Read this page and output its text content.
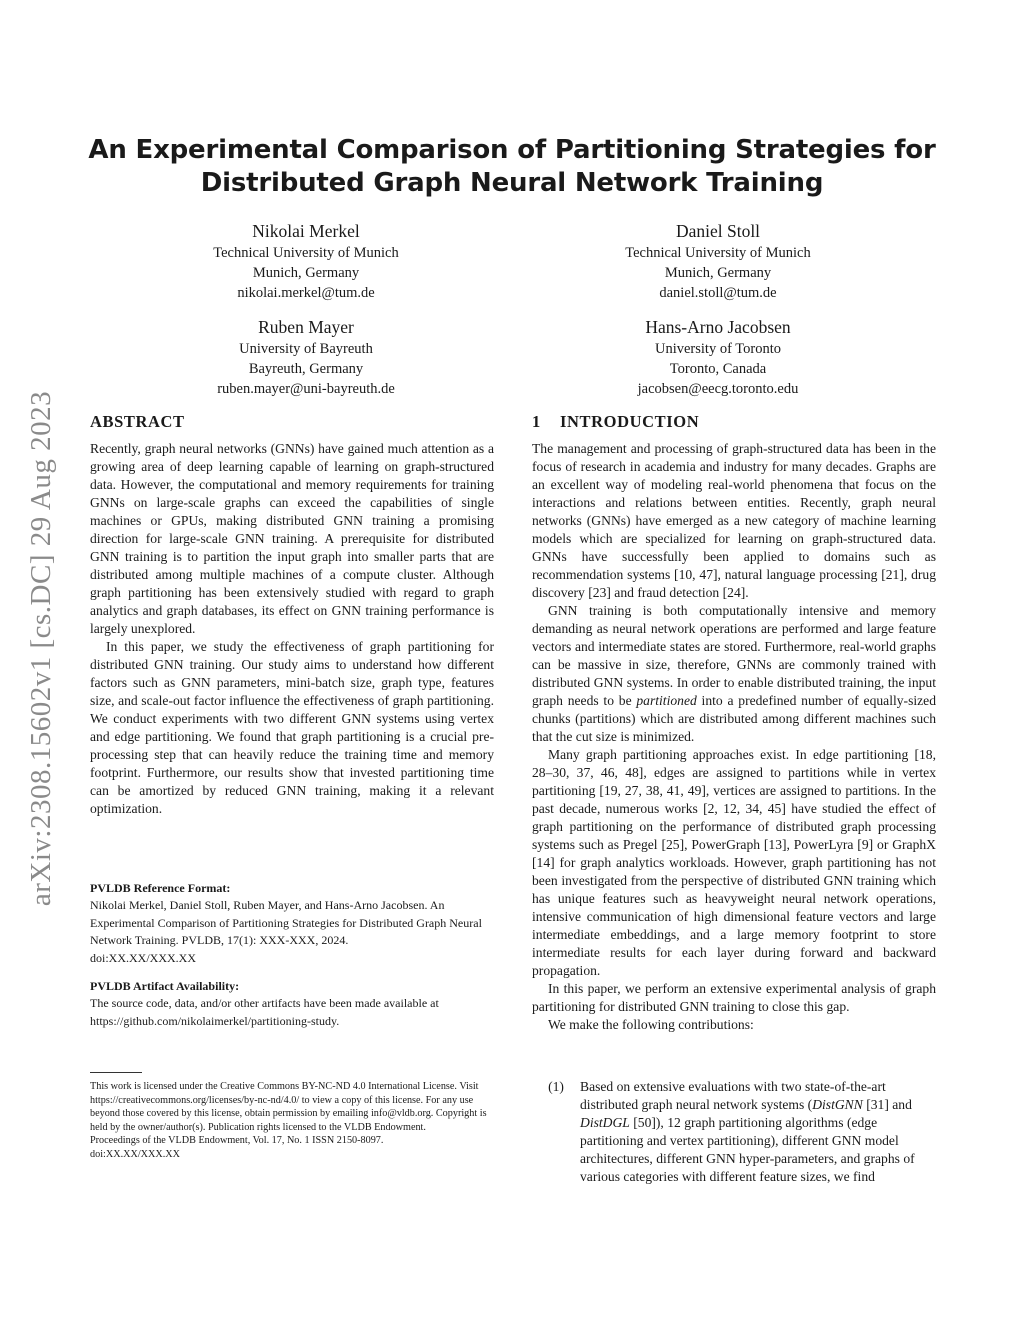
arXiv:2308.15602v1 [cs.DC] 29 Aug 2023
An Experimental Comparison of Partitioning Strategies for
Distributed Graph Neural Network Training
Nikolai Merkel
Technical University of Munich
Munich, Germany
nikolai.merkel@tum.de
Daniel Stoll
Technical University of Munich
Munich, Germany
daniel.stoll@tum.de
Ruben Mayer
University of Bayreuth
Bayreuth, Germany
ruben.mayer@uni-bayreuth.de
Hans-Arno Jacobsen
University of Toronto
Toronto, Canada
jacobsen@eecg.toronto.edu
ABSTRACT

Recently, graph neural networks (GNNs) have gained much attention as a growing area of deep learning capable of learning on graph-structured data. However, the computational and memory requirements for training GNNs on large-scale graphs can exceed the capabilities of single machines or GPUs, making distributed GNN training a promising direction for large-scale GNN training. A prerequisite for distributed GNN training is to partition the input graph into smaller parts that are distributed among multiple machines of a compute cluster. Although graph partitioning has been extensively studied with regard to graph analytics and graph databases, its effect on GNN training performance is largely unexplored.

In this paper, we study the effectiveness of graph partitioning for distributed GNN training. Our study aims to understand how different factors such as GNN parameters, mini-batch size, graph type, features size, and scale-out factor influence the effectiveness of graph partitioning. We conduct experiments with two different GNN systems using vertex and edge partitioning. We found that graph partitioning is a crucial pre-processing step that can heavily reduce the training time and memory footprint. Furthermore, our results show that invested partitioning time can be amortized by reduced GNN training, making it a relevant optimization.

PVLDB Reference Format:
Nikolai Merkel, Daniel Stoll, Ruben Mayer, and Hans-Arno Jacobsen. An Experimental Comparison of Partitioning Strategies for Distributed Graph Neural Network Training. PVLDB, 17(1): XXX-XXX, 2024.
doi:XX.XX/XXX.XX
PVLDB Artifact Availability:
The source code, data, and/or other artifacts have been made available at https://github.com/nikolaimerkel/partitioning-study.
This work is licensed under the Creative Commons BY-NC-ND 4.0 International License. Visit https://creativecommons.org/licenses/by-nc-nd/4.0/ to view a copy of this license. For any use beyond those covered by this license, obtain permission by emailing info@vldb.org. Copyright is held by the owner/author(s). Publication rights licensed to the VLDB Endowment.
Proceedings of the VLDB Endowment, Vol. 17, No. 1 ISSN 2150-8097.
doi:XX.XX/XXX.XX
1 INTRODUCTION

The management and processing of graph-structured data has been in the focus of research in academia and industry for many decades. Graphs are an excellent way of modeling real-world phenomena that focus on the interactions and relations between entities. Recently, graph neural networks (GNNs) have emerged as a new category of machine learning models which are specialized for learning on graph-structured data. GNNs have successfully been applied to domains such as recommendation systems [10, 47], natural language processing [21], drug discovery [23] and fraud detection [24].

GNN training is both computationally intensive and memory demanding as neural network operations are performed and large feature vectors and intermediate states are stored. Furthermore, real-world graphs can be massive in size, therefore, GNNs are commonly trained with distributed GNN systems. In order to enable distributed training, the input graph needs to be partitioned into a predefined number of equally-sized chunks (partitions) which are distributed among different machines such that the cut size is minimized.

Many graph partitioning approaches exist. In edge partitioning [18, 28–30, 37, 46, 48], edges are assigned to partitions while in vertex partitioning [19, 27, 38, 41, 49], vertices are assigned to partitions. In the past decade, numerous works [2, 12, 34, 45] have studied the effect of graph partitioning on the performance of distributed graph processing systems such as Pregel [25], PowerGraph [13], PowerLyra [9] or GraphX [14] for graph analytics workloads. However, graph partitioning has not been investigated from the perspective of distributed GNN training which has unique features such as heavyweight neural network operations, intensive communication of high dimensional feature vectors and large intermediate embeddings, and a large memory footprint to store intermediate results for each layer during forward and backward propagation.

In this paper, we perform an extensive experimental analysis of graph partitioning for distributed GNN training to close this gap.

We make the following contributions:

(1)	Based on extensive evaluations with two state-of-the-art distributed graph neural network systems (DistGNN [31] and DistDGL [50]), 12 graph partitioning algorithms (edge partitioning and vertex partitioning), different GNN model architectures, different GNN hyper-parameters, and graphs of various categories with different feature sizes, we find
